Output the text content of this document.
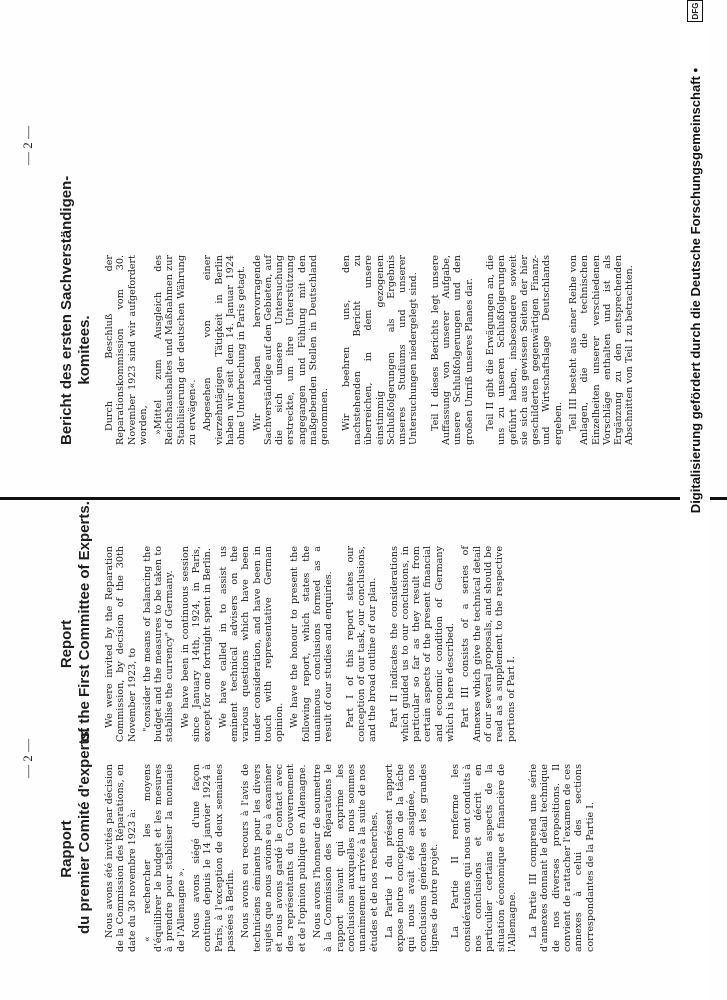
— 2 —
Rapport du premier Comité d'experts. Nous avons été invités par décision de la Commission des Réparations, en date du 30 novembre 1923 à: « rechercher les moyens d'équilibrer le budget et les mesures à prendre pour stabiliser la monnaie de l'Allemagne ». Nous avons siégé d'une façon continue depuis le 14 janvier 1924 à Paris, à l'exception de deux semaines passées à Berlin. Nous avons eu recours à l'avis de techniciens éminents pour les divers sujets que nous avions eu à examiner et nous avons gardé le contact avec des représentants du Gouvernement et de l'opinion publique en Allemagne. Nous avons l'honneur de soumettre à la Commission des Réparations le rapport suivant qui exprime les conclusions auxquelles nous sommes unanimement arrivés à la suite de nos études et de nos recherches. La Partie I du présent rapport expose notre conception de la tâche qui nous avait été assignée, nos conclusions générales et les grandes lignes de notre projet. La Partie II renferme les considérations qui nous ont conduits à nos conclusions et décrit en particulier certains aspects de la situation économique et financière de l'Allemagne. La Partie III comprend une série d'annexes donnant le détail technique de nos diverses propositions. Il convient de rattacher l'examen de ces annexes à celui des sections correspondantes de la Partie I.

Report of the First Committee of Experts. We were invited by the Reparation Commission, by decision of the 30th November 1923, to "consider the means of balancing the budget and the measures to be taken to stabilise the currency" of Germany. We have been in continuous session since January 14th, 1924, in Paris, except for one fortnight spent in Berlin. We have called in to assist us eminent technical advisers on the various questions which have been under consideration, and have been in touch with representative German opinion. We have the honour to present the following report, which states the unanimous conclusions formed as a result of our studies and enquiries. Part I of this report states our conception of our task, our conclusions, and the broad outline of our plan. Part II indicates the considerations which guided us to our conclusions, in particular so far as they result from certain aspects of the present financial and economic condition of Germany which is here described. Part III consists of a series of Annexes which give the technical detail of our several proposals, and should be read as a supplement to the respective portions of Part I.

— 2 —
Bericht des ersten Sachverständigen- komitees. Durch Beschluß der Reparationskommission vom 30. November 1923 sind wir aufgefordert worden, »Mittel zum Ausgleich des Reichshaushaltes und Maßnahmen zur Stabilisierung der deutschen Währung zu erwägen«. Abgesehen von einer vierzehntägigen Tätigkeit in Berlin haben wir seit dem 14. Januar 1924 ohne Unterbrechung in Paris getagt. Wir haben hervorragende Sachverständige auf den Gebieten, auf die sich unsere Untersuchung erstreckte, um ihre Unterstützung angegangen und Fühlung mit den maßgebenden Stellen in Deutschland genommen. Wir beehren uns, den nachstehenden Bericht zu überreichen, in dem unsere einstimmig gezogenen Schlußfolgerungen als Ergebnis unseres Studiums und unserer Untersuchungen niedergelegt sind. Teil I dieses Berichts legt unsere Auffassung von unserer Aufgabe, unsere Schlußfolgerungen und den großen Umriß unseres Planes dar. Teil II gibt die Erwägungen an, die uns zu unseren Schlußfolgerungen geführt haben, insbesondere soweit sie sich aus gewissen Seiten der hier geschilderten gegenwärtigen Finanz- und Wirtschaftslage Deutschlands ergeben. Teil III besteht aus einer Reihe von Anlagen, die die technischen Einzelheiten unserer verschiedenen Vorschläge enthalten und ist als Ergänzung zu den entsprechenden Abschnitten von Teil I zu betrachten.	Digitalisierung gefördert durch die Deutsche Forschungsgemeinschaft •
DFG
